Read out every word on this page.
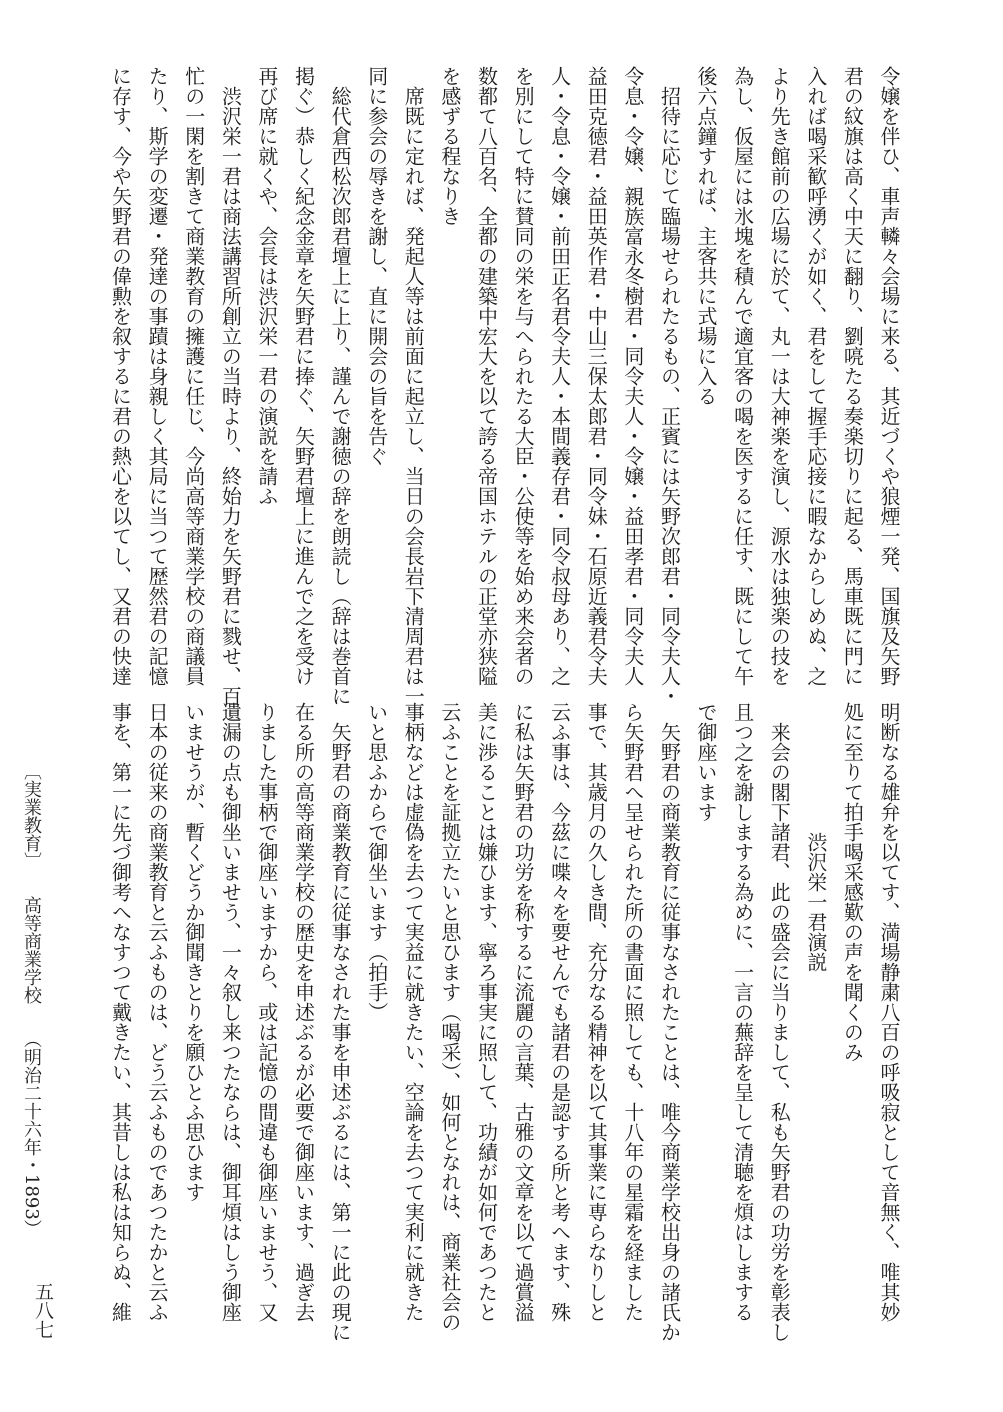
令嬢を伴ひ、車声轔々会場に来る、其近づくや狼煙一発、国旗及矢野

君の紋旗は高く中天に翻り、劉喨たる奏楽切りに起る、馬車既に門に

入れば喝采歓呼湧くが如く、君をして握手応接に暇なからしめぬ、之

より先き館前の広場に於て、丸一は大神楽を演し、源水は独楽の技を

為し、仮屋には氷塊を積んで適宜客の喝を医するに任す、既にして午

後六点鐘すれば、主客共に式場に入る

招待に応じて臨場せられたるもの、正賓には矢野次郎君・同令夫人・

令息・令嬢、親族富永冬樹君・同令夫人・令嬢・益田孝君・同令夫人

益田克徳君・益田英作君・中山三保太郎君・同令妹・石原近義君令夫

人・令息・令嬢・前田正名君令夫人・本間義存君・同令叔母あり、之

を別にして特に賛同の栄を与へられたる大臣・公使等を始め来会者の

数都て八百名、全都の建築中宏大を以て誇る帝国ホテルの正堂亦狭隘

を感ずる程なりき

席既に定れば、発起人等は前面に起立し、当日の会長岩下清周君は一

同に参会の辱きを謝し、直に開会の旨を告ぐ

総代倉西松次郎君壇上に上り、謹んで謝徳の辞を朗読し（辞は巻首に

掲ぐ）恭しく紀念金章を矢野君に捧ぐ、矢野君壇上に進んで之を受け

再び席に就くや、会長は渋沢栄一君の演説を請ふ

渋沢栄一君は商法講習所創立の当時より、終始力を矢野君に戮せ、百

忙の一閑を割きて商業教育の擁護に任じ、今尚高等商業学校の商議員

たり、斯学の変遷・発達の事蹟は身親しく其局に当つて歴然君の記憶

に存す、今や矢野君の偉勲を叙するに君の熱心を以てし、又君の快達

明断なる雄弁を以てす、満場静粛八百の呼吸寂として音無く、唯其妙

処に至りて拍手喝采感歎の声を聞くのみ

渋沢栄一君演説

来会の閣下諸君、此の盛会に当りまして、私も矢野君の功労を彰表し

且つ之を謝しまする為めに、一言の蕪辞を呈して清聴を煩はしまする

で御座います

矢野君の商業教育に従事なされたことは、唯今商業学校出身の諸氏か

ら矢野君へ呈せられた所の書面に照しても、十八年の星霜を経ました

事で、其歳月の久しき間、充分なる精神を以て其事業に専らなりしと

云ふ事は、今茲に喋々を要せんでも諸君の是認する所と考へます、殊

に私は矢野君の功労を称するに流麗の言葉、古雅の文章を以て過賞溢

美に渉ることは嫌ひます、寧ろ事実に照して、功績が如何であつたと

云ふことを証拠立たいと思ひます（喝采）、如何となれは、商業社会の

事柄などは虚偽を去つて実益に就きたい、空論を去つて実利に就きた

いと思ふからで御坐います（拍手）

矢野君の商業教育に従事なされた事を申述ぶるには、第一に此の現に

在る所の高等商業学校の歴史を申述ぶるが必要で御座います、過ぎ去

りました事柄で御座いますから、或は記憶の間違も御座いませう、又

遺漏の点も御坐いませう、一々叙し来つたならは、御耳煩はしう御座

いませうが、暫くどうか御聞きとりを願ひとふ思ひます

日本の従来の商業教育と云ふものは、どう云ふものであつたかと云ふ

事を、第一に先づ御考へなすつて戴きたい、其昔しは私は知らぬ、維

〔実業教育〕高等商業学校（明治二十六年・1893）
五八七
